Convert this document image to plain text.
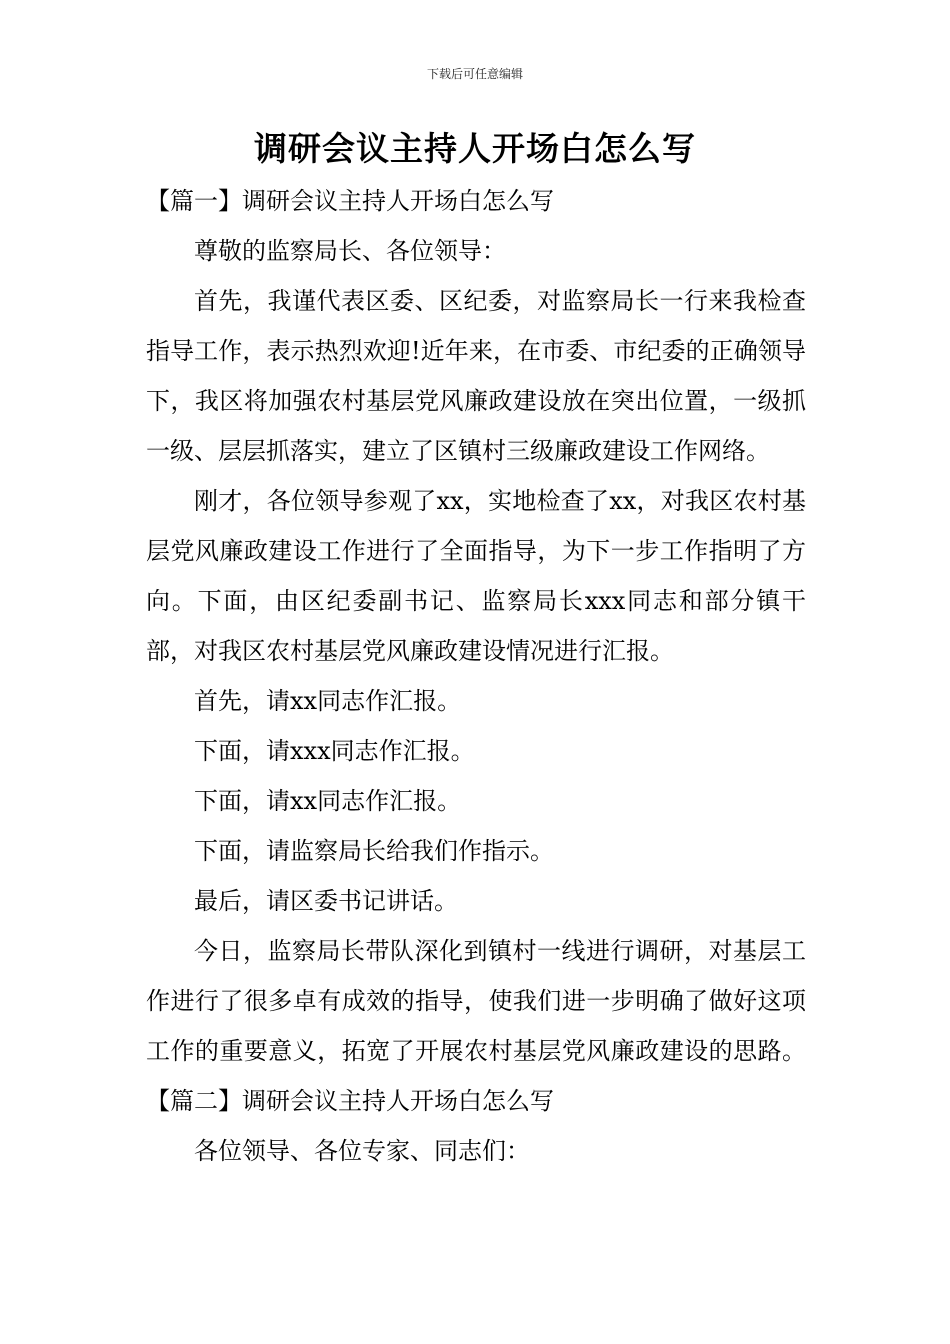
下载后可任意编辑
调研会议主持人开场白怎么写

【篇一】调研会议主持人开场白怎么写

尊敬的监察局长、各位领导：

首先，我谨代表区委、区纪委，对监察局长一行来我检查指导工作，表示热烈欢迎!近年来，在市委、市纪委的正确领导下，我区将加强农村基层党风廉政建设放在突出位置，一级抓一级、层层抓落实，建立了区镇村三级廉政建设工作网络。

刚才，各位领导参观了xx，实地检查了xx，对我区农村基层党风廉政建设工作进行了全面指导，为下一步工作指明了方向。下面，由区纪委副书记、监察局长xxx同志和部分镇干部，对我区农村基层党风廉政建设情况进行汇报。

首先，请xx同志作汇报。

下面，请xxx同志作汇报。

下面，请xx同志作汇报。

下面，请监察局长给我们作指示。

最后，请区委书记讲话。

今日，监察局长带队深化到镇村一线进行调研，对基层工作进行了很多卓有成效的指导，使我们进一步明确了做好这项工作的重要意义，拓宽了开展农村基层党风廉政建设的思路。【篇二】调研会议主持人开场白怎么写

各位领导、各位专家、同志们：
